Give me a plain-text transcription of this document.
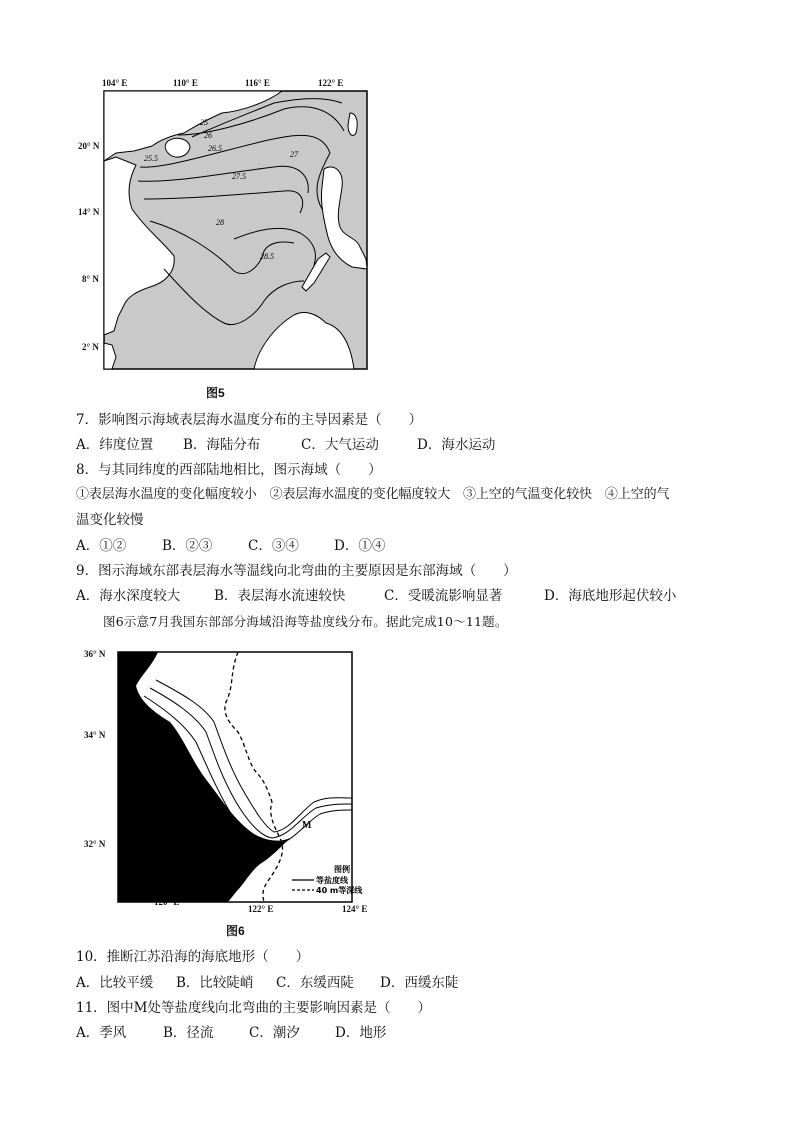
104° E	110° E	116° E	122° E
20° N
14° N
8° N
2° N
25
26
25.5
26.5
27
27.5
28
28.5
图5
7．影响图示海域表层海水温度分布的主导因素是（　　）
A．纬度位置 B．海陆分布	C．大气运动	D．海水运动
8．与其同纬度的西部陆地相比，图示海域（　　）
①表层海水温度的变化幅度较小　②表层海水温度的变化幅度较大　③上空的气温变化较快　④上空的气
温变化较慢
A．①②	B．②③	C．③④	D．①④
9．图示海域东部表层海水等温线向北弯曲的主要原因是东部海域（　　）
A．海水深度较大	B．表层海水流速较快	C．受暖流影响显著	D．海底地形起伏较小
图6示意7月我国东部部分海域沿海等盐度线分布。据此完成10～11题。
36° N
34° N
32° N
122° E	124° E
M
图例
等盐度线
40 m等深线
图6
10．推断江苏沿海的海底地形（　　）
A．比较平缓 B．比较陡峭 C．东缓西陡 D．西缓东陡
11．图中M处等盐度线向北弯曲的主要影响因素是（　　）
A．季风	B．径流	C．潮汐	D．地形
